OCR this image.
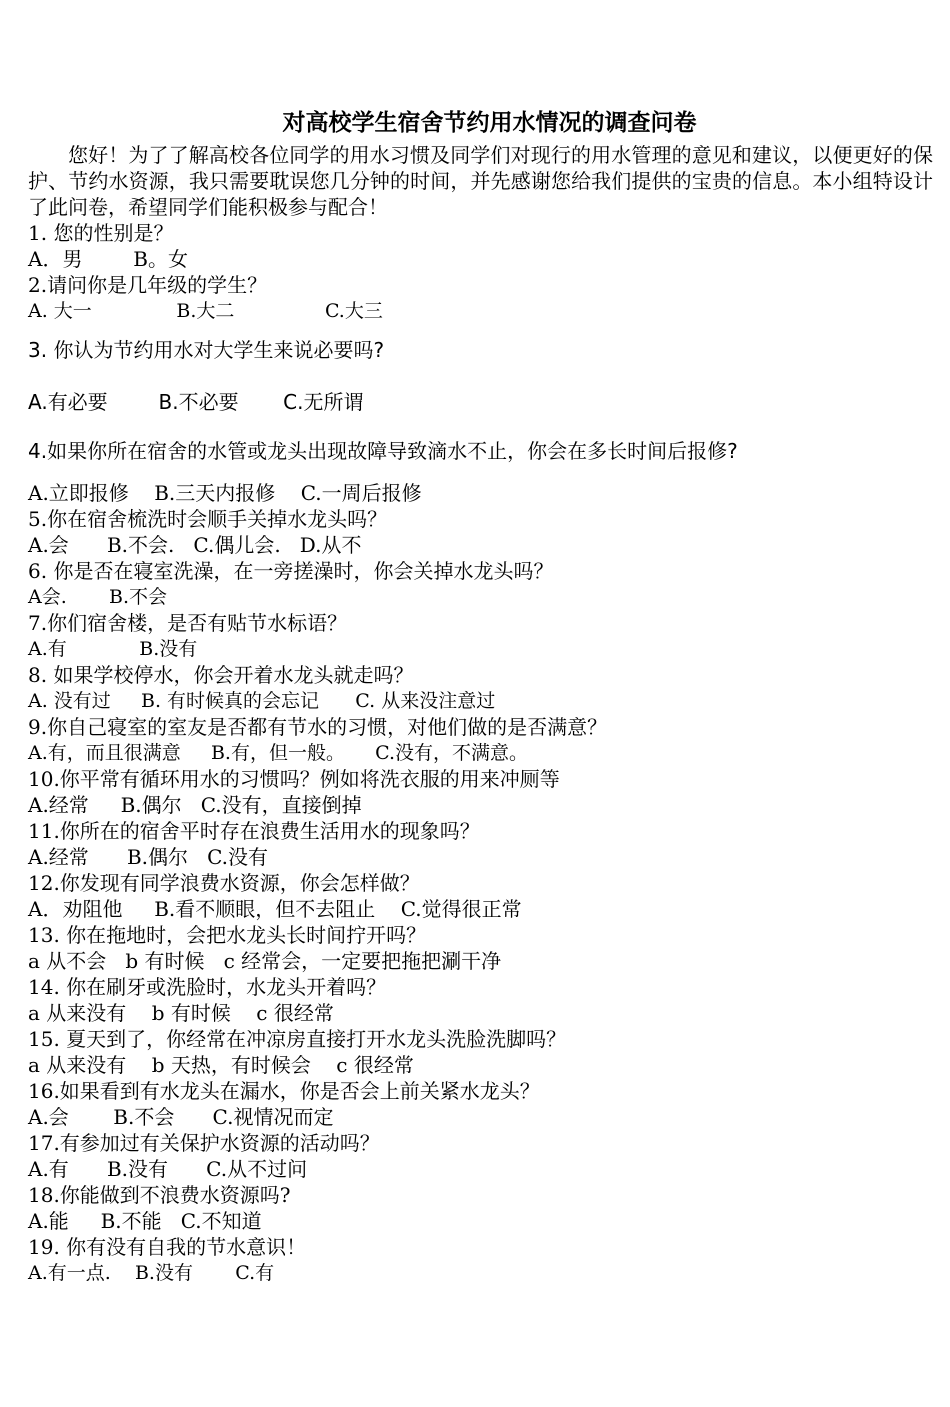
对高校学生宿舍节约用水情况的调查问卷

您好！为了了解高校各位同学的用水习惯及同学们对现行的用水管理的意见和建议，以便更好的保护、节约水资源，我只需要耽误您几分钟的时间，并先感谢您给我们提供的宝贵的信息。本小组特设计了此问卷，希望同学们能积极参与配合！

1. 您的性别是？
A．男        B。女
2.请问你是几年级的学生？
A. 大一              B.大二               C.大三
3. 你认为节约用水对大学生来说必要吗?
A.有必要        B.不必要       C.无所谓
4.如果你所在宿舍的水管或龙头出现故障导致滴水不止，你会在多长时间后报修?
A.立即报修    B.三天内报修    C.一周后报修
5.你在宿舍梳洗时会顺手关掉水龙头吗？
A.会      B.不会.   C.偶儿会.   D.从不
6. 你是否在寝室洗澡，在一旁搓澡时，你会关掉水龙头吗？
A会.       B.不会
7.你们宿舍楼，是否有贴节水标语？
A.有            B.没有
8. 如果学校停水，你会开着水龙头就走吗？
A. 没有过     B. 有时候真的会忘记      C. 从来没注意过
9.你自己寝室的室友是否都有节水的习惯，对他们做的是否满意？
A.有，而且很满意     B.有，但一般。     C.没有，不满意。
10.你平常有循环用水的习惯吗？例如将洗衣服的用来冲厕等
A.经常     B.偶尔   C.没有，直接倒掉
11.你所在的宿舍平时存在浪费生活用水的现象吗？
A.经常      B.偶尔   C.没有
12.你发现有同学浪费水资源，你会怎样做？
A．劝阻他     B.看不顺眼，但不去阻止    C.觉得很正常
13. 你在拖地时，会把水龙头长时间拧开吗？
a 从不会   b 有时候   c 经常会，一定要把拖把涮干净
14. 你在刷牙或洗脸时，水龙头开着吗？
a 从来没有    b 有时候    c 很经常
15. 夏天到了，你经常在冲凉房直接打开水龙头洗脸洗脚吗？
a 从来没有    b 天热，有时候会    c 很经常
16.如果看到有水龙头在漏水，你是否会上前关紧水龙头？
A.会       B.不会      C.视情况而定
17.有参加过有关保护水资源的活动吗？
A.有      B.没有      C.从不过问
18.你能做到不浪费水资源吗?
A.能     B.不能   C.不知道
19. 你有没有自我的节水意识！
A.有一点.    B.没有       C.有
